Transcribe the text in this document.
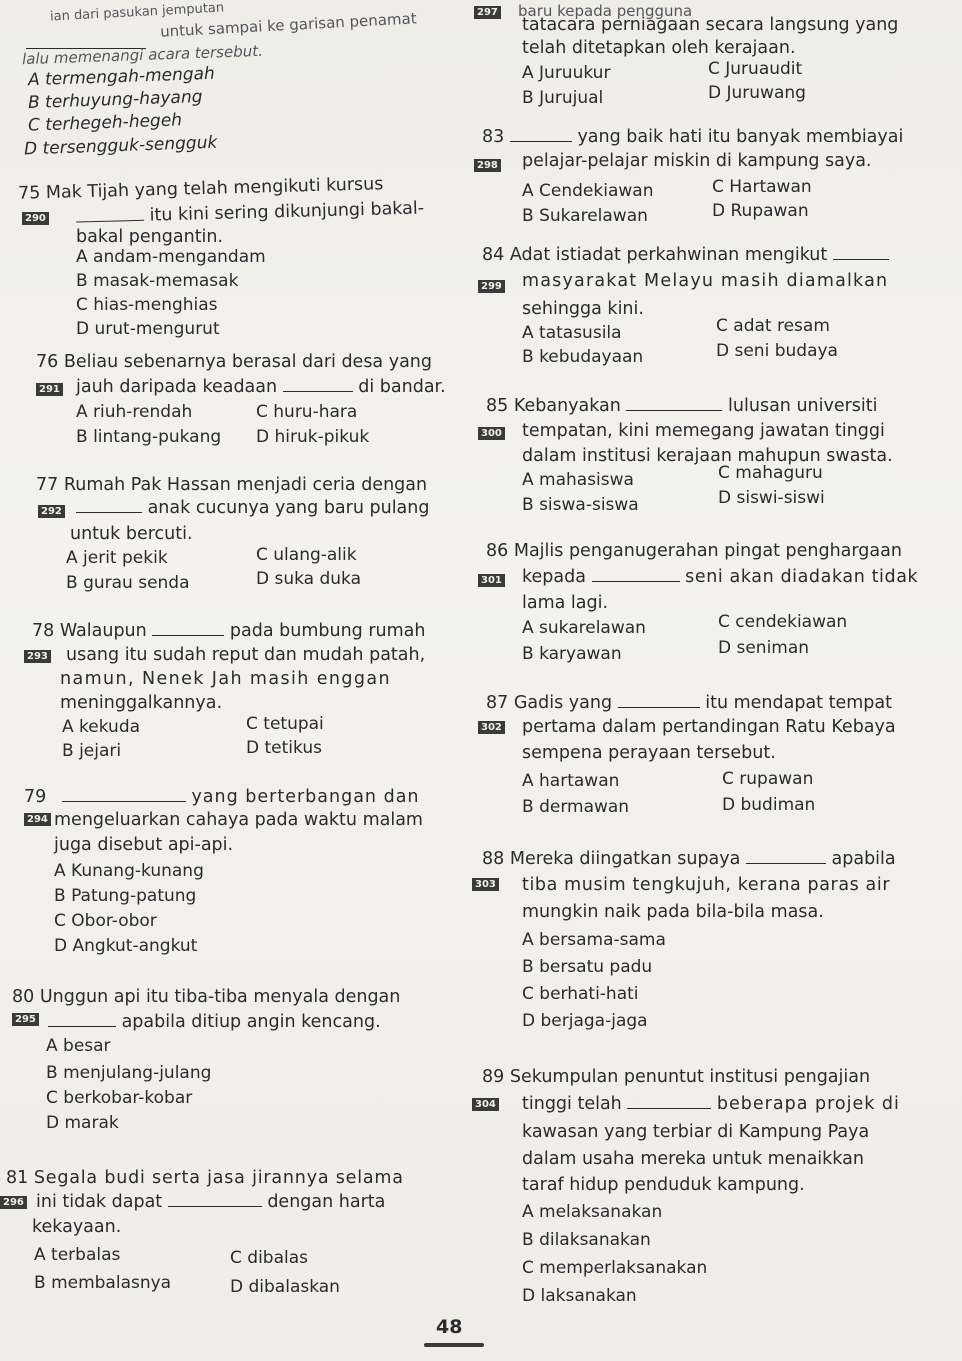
ian dari pasukan jemputan
untuk sampai ke garisan penamat
lalu memenangi acara tersebut.
A termengah-mengah
B terhuyung-hayang
C terhegeh-hegeh
D tersengguk-sengguk
75 Mak Tijah yang telah mengikuti kursus
290	itu kini sering dikunjungi bakal-
bakal pengantin.
A andam-mengandam
B masak-memasak
C hias-menghias
D urut-mengurut
76 Beliau sebenarnya berasal dari desa yang
291 jauh daripada keadaan	di bandar.
A riuh-rendah	C huru-hara
B lintang-pukang D hiruk-pikuk
77 Rumah Pak Hassan menjadi ceria dengan
292	anak cucunya yang baru pulang
untuk bercuti.
A jerit pekik	C ulang-alik
B gurau senda	D suka duka
78 Walaupun	pada bumbung rumah
293 usang itu sudah reput dan mudah patah,
namun, Nenek Jah masih enggan
meninggalkannya.
A kekuda	C tetupai
B jejari	D tetikus
79	yang berterbangan dan
294 mengeluarkan cahaya pada waktu malam
juga disebut api-api.
A Kunang-kunang
B Patung-patung
C Obor-obor
D Angkut-angkut
80 Unggun api itu tiba-tiba menyala dengan
295	apabila ditiup angin kencang.
A besar
B menjulang-julang
C berkobar-kobar
D marak
81 Segala budi serta jasa jirannya selama
296 ini tidak dapat	dengan harta
kekayaan.
A terbalas	C dibalas
B membalasnya	D dibalaskan
297 baru kepada pengguna
tatacara perniagaan secara langsung yang
telah ditetapkan oleh kerajaan.
A Juruukur	C Juruaudit
B Jurujual	D Juruwang
83	yang baik hati itu banyak membiayai
298 pelajar-pelajar miskin di kampung saya.
A Cendekiawan	C Hartawan
B Sukarelawan	D Rupawan
84 Adat istiadat perkahwinan mengikut
299 masyarakat Melayu masih diamalkan
sehingga kini.
A tatasusila	C adat resam
B kebudayaan	D seni budaya
85 Kebanyakan	lulusan universiti
300 tempatan, kini memegang jawatan tinggi
dalam institusi kerajaan mahupun swasta.
A mahasiswa	C mahaguru
B siswa-siswa	D siswi-siswi
86 Majlis penganugerahan pingat penghargaan
301 kepada	seni akan diadakan tidak
lama lagi.
A sukarelawan	C cendekiawan
B karyawan	D seniman
87 Gadis yang	itu mendapat tempat
302 pertama dalam pertandingan Ratu Kebaya
sempena perayaan tersebut.
A hartawan	C rupawan
B dermawan	D budiman
88 Mereka diingatkan supaya	apabila
303 tiba musim tengkujuh, kerana paras air
mungkin naik pada bila-bila masa.
A bersama-sama
B bersatu padu
C berhati-hati
D berjaga-jaga
89 Sekumpulan penuntut institusi pengajian
304 tinggi telah	beberapa projek di
kawasan yang terbiar di Kampung Paya
dalam usaha mereka untuk menaikkan
taraf hidup penduduk kampung.
A melaksanakan
B dilaksanakan
C memperlaksanakan
D laksanakan
48
